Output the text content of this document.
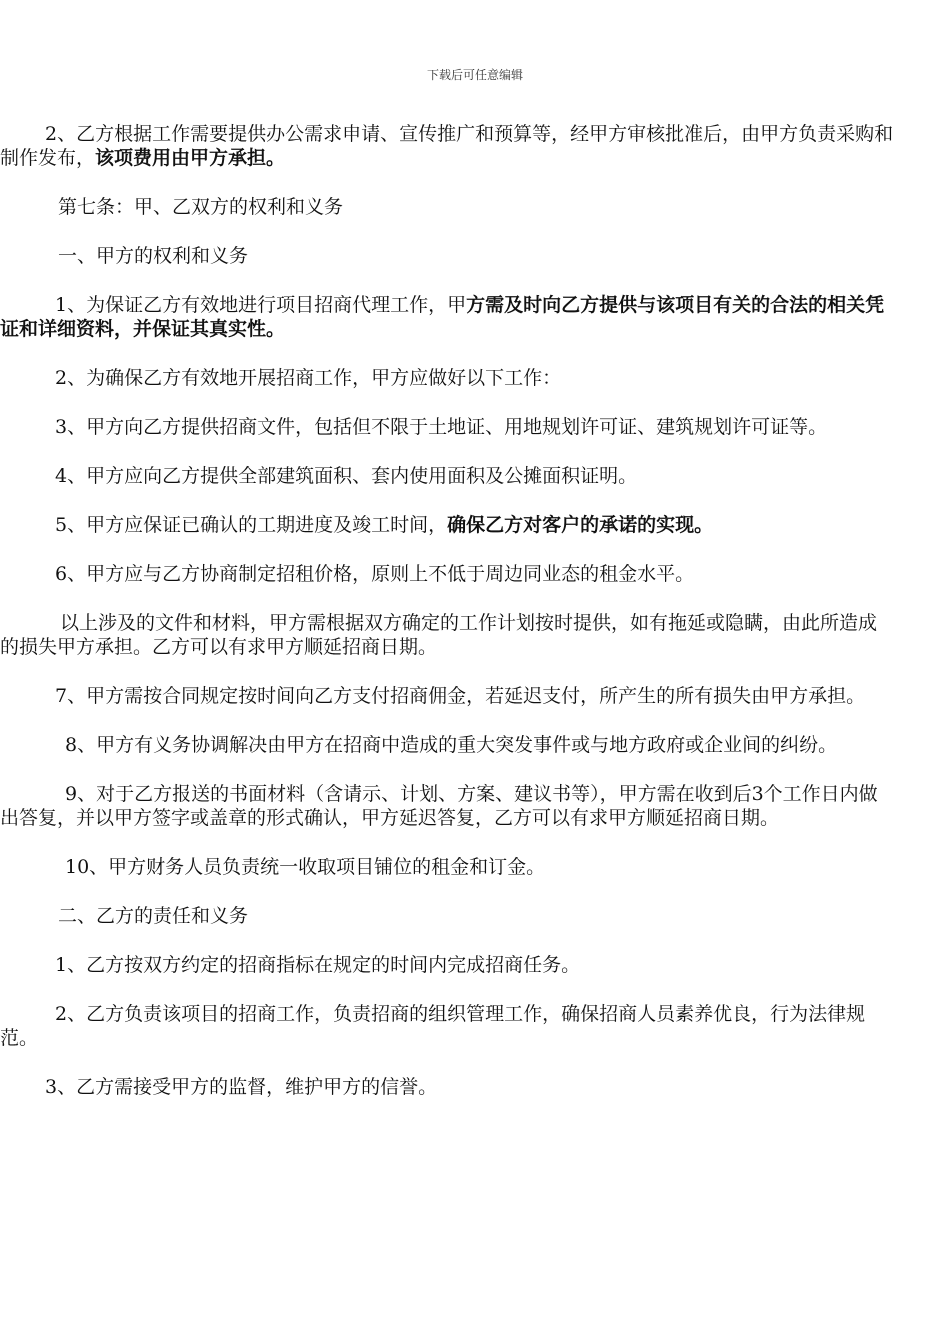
下载后可任意编辑

2、乙方根据工作需要提供办公需求申请、宣传推广和预算等，经甲方审核批准后，由甲方负责采购和制作发布，该项费用由甲方承担。

第七条：甲、乙双方的权利和义务

一、甲方的权利和义务

1、为保证乙方有效地进行项目招商代理工作，甲方需及时向乙方提供与该项目有关的合法的相关凭证和详细资料，并保证其真实性。

2、为确保乙方有效地开展招商工作，甲方应做好以下工作：

3、甲方向乙方提供招商文件，包括但不限于土地证、用地规划许可证、建筑规划许可证等。

4、甲方应向乙方提供全部建筑面积、套内使用面积及公摊面积证明。

5、甲方应保证已确认的工期进度及竣工时间，确保乙方对客户的承诺的实现。

6、甲方应与乙方协商制定招租价格，原则上不低于周边同业态的租金水平。

以上涉及的文件和材料，甲方需根据双方确定的工作计划按时提供，如有拖延或隐瞒，由此所造成的损失甲方承担。乙方可以有求甲方顺延招商日期。

7、甲方需按合同规定按时间向乙方支付招商佣金，若延迟支付，所产生的所有损失由甲方承担。

8、甲方有义务协调解决由甲方在招商中造成的重大突发事件或与地方政府或企业间的纠纷。

9、对于乙方报送的书面材料（含请示、计划、方案、建议书等），甲方需在收到后3个工作日内做出答复，并以甲方签字或盖章的形式确认，甲方延迟答复，乙方可以有求甲方顺延招商日期。

10、甲方财务人员负责统一收取项目铺位的租金和订金。

二、乙方的责任和义务

1、乙方按双方约定的招商指标在规定的时间内完成招商任务。

2、乙方负责该项目的招商工作，负责招商的组织管理工作，确保招商人员素养优良，行为法律规范。

3、乙方需接受甲方的监督，维护甲方的信誉。
